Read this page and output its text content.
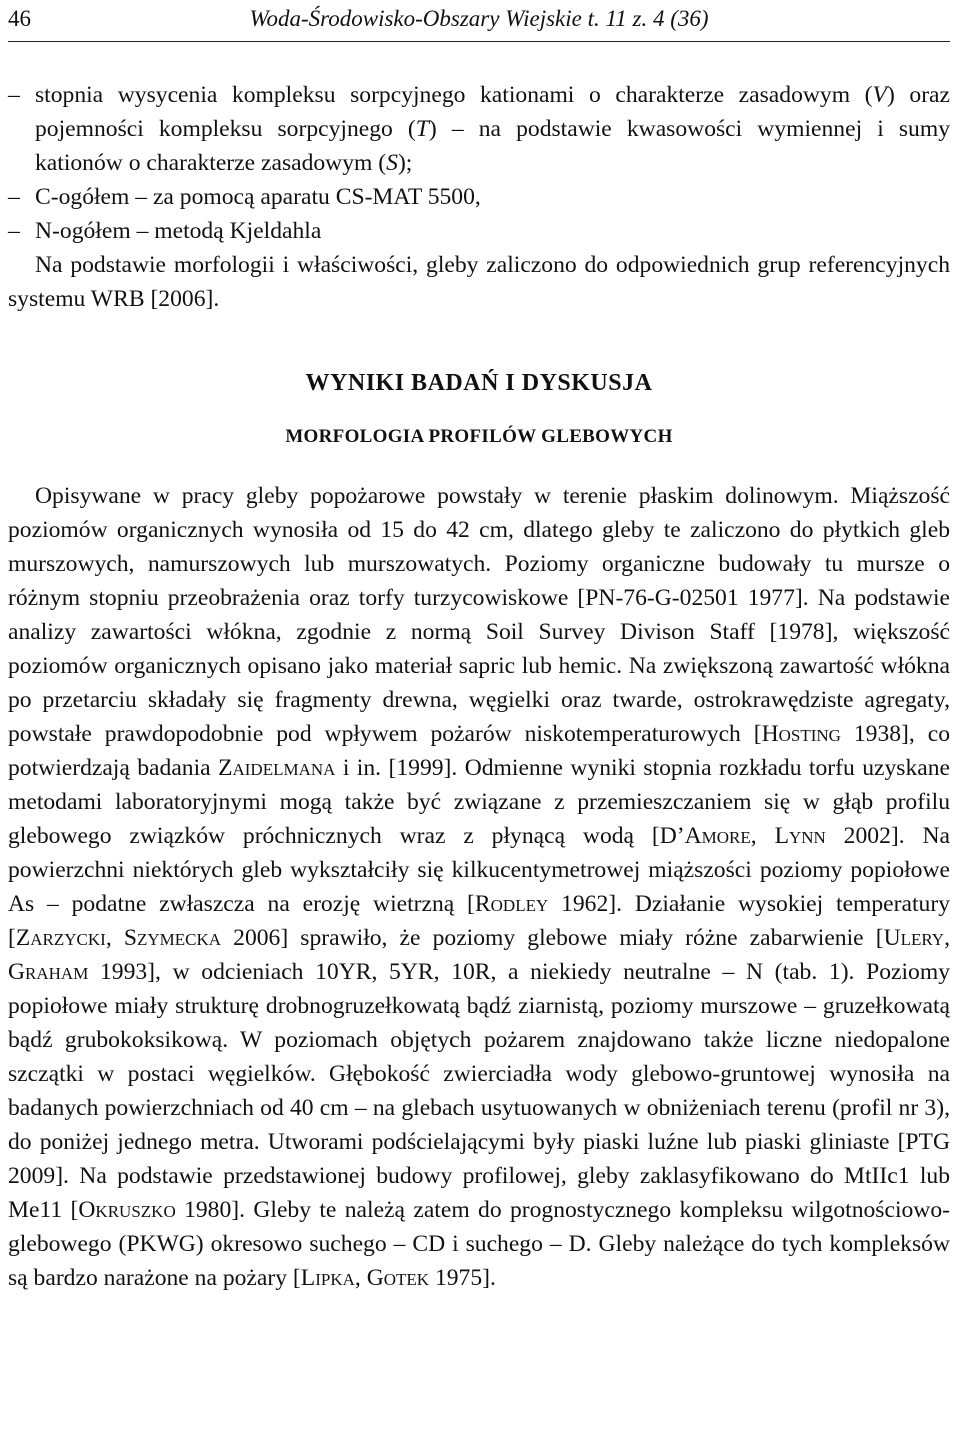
46	Woda-Środowisko-Obszary Wiejskie t. 11 z. 4 (36)
– stopnia wysycenia kompleksu sorpcyjnego kationami o charakterze zasadowym (V) oraz pojemności kompleksu sorpcyjnego (T) – na podstawie kwasowości wymiennej i sumy kationów o charakterze zasadowym (S);
– C-ogółem – za pomocą aparatu CS-MAT 5500,
– N-ogółem – metodą Kjeldahla

Na podstawie morfologii i właściwości, gleby zaliczono do odpowiednich grup referencyjnych systemu WRB [2006].

WYNIKI BADAŃ I DYSKUSJA
MORFOLOGIA PROFILÓW GLEBOWYCH

Opisywane w pracy gleby popożarowe powstały w terenie płaskim dolinowym. Miąższość poziomów organicznych wynosiła od 15 do 42 cm, dlatego gleby te zaliczono do płytkich gleb murszowych, namurszowych lub murszowatych. Poziomy organiczne budowały tu mursze o różnym stopniu przeobrażenia oraz torfy turzycowiskowe [PN-76-G-02501 1977]. Na podstawie analizy zawartości włókna, zgodnie z normą Soil Survey Divison Staff [1978], większość poziomów organicznych opisano jako materiał sapric lub hemic. Na zwiększoną zawartość włókna po przetarciu składały się fragmenty drewna, węgielki oraz twarde, ostrokrawędziste agregaty, powstałe prawdopodobnie pod wpływem pożarów niskotemperaturowych [Hosting 1938], co potwierdzają badania Zaidelmana i in. [1999]. Odmienne wyniki stopnia rozkładu torfu uzyskane metodami laboratoryjnymi mogą także być związane z przemieszczaniem się w głąb profilu glebowego związków próchnicznych wraz z płynącą wodą [D’Amore, Lynn 2002]. Na powierzchni niektórych gleb wykształciły się kilkucentymetrowej miąższości poziomy popiołowe As – podatne zwłaszcza na erozję wietrzną [Rodley 1962]. Działanie wysokiej temperatury [Zarzycki, Szymecka 2006] sprawiło, że poziomy glebowe miały różne zabarwienie [Ulery, Graham 1993], w odcieniach 10YR, 5YR, 10R, a niekiedy neutralne – N (tab. 1). Poziomy popiołowe miały strukturę drobnogruzełkowatą bądź ziarnistą, poziomy murszowe – gruzełkowatą bądź grubokoksikową. W poziomach objętych pożarem znajdowano także liczne niedopalone szczątki w postaci węgielków. Głębokość zwierciadła wody glebowo-gruntowej wynosiła na badanych powierzchniach od 40 cm – na glebach usytuowanych w obniżeniach terenu (profil nr 3), do poniżej jednego metra. Utworami podścielającymi były piaski luźne lub piaski gliniaste [PTG 2009]. Na podstawie przedstawionej budowy profilowej, gleby zaklasyfikowano do MtIIc1 lub Me11 [Okruszko 1980]. Gleby te należą zatem do prognostycznego kompleksu wilgotnościowo-glebowego (PKWG) okresowo suchego – CD i suchego – D. Gleby należące do tych kompleksów są bardzo narażone na pożary [Lipka, Gotek 1975].
